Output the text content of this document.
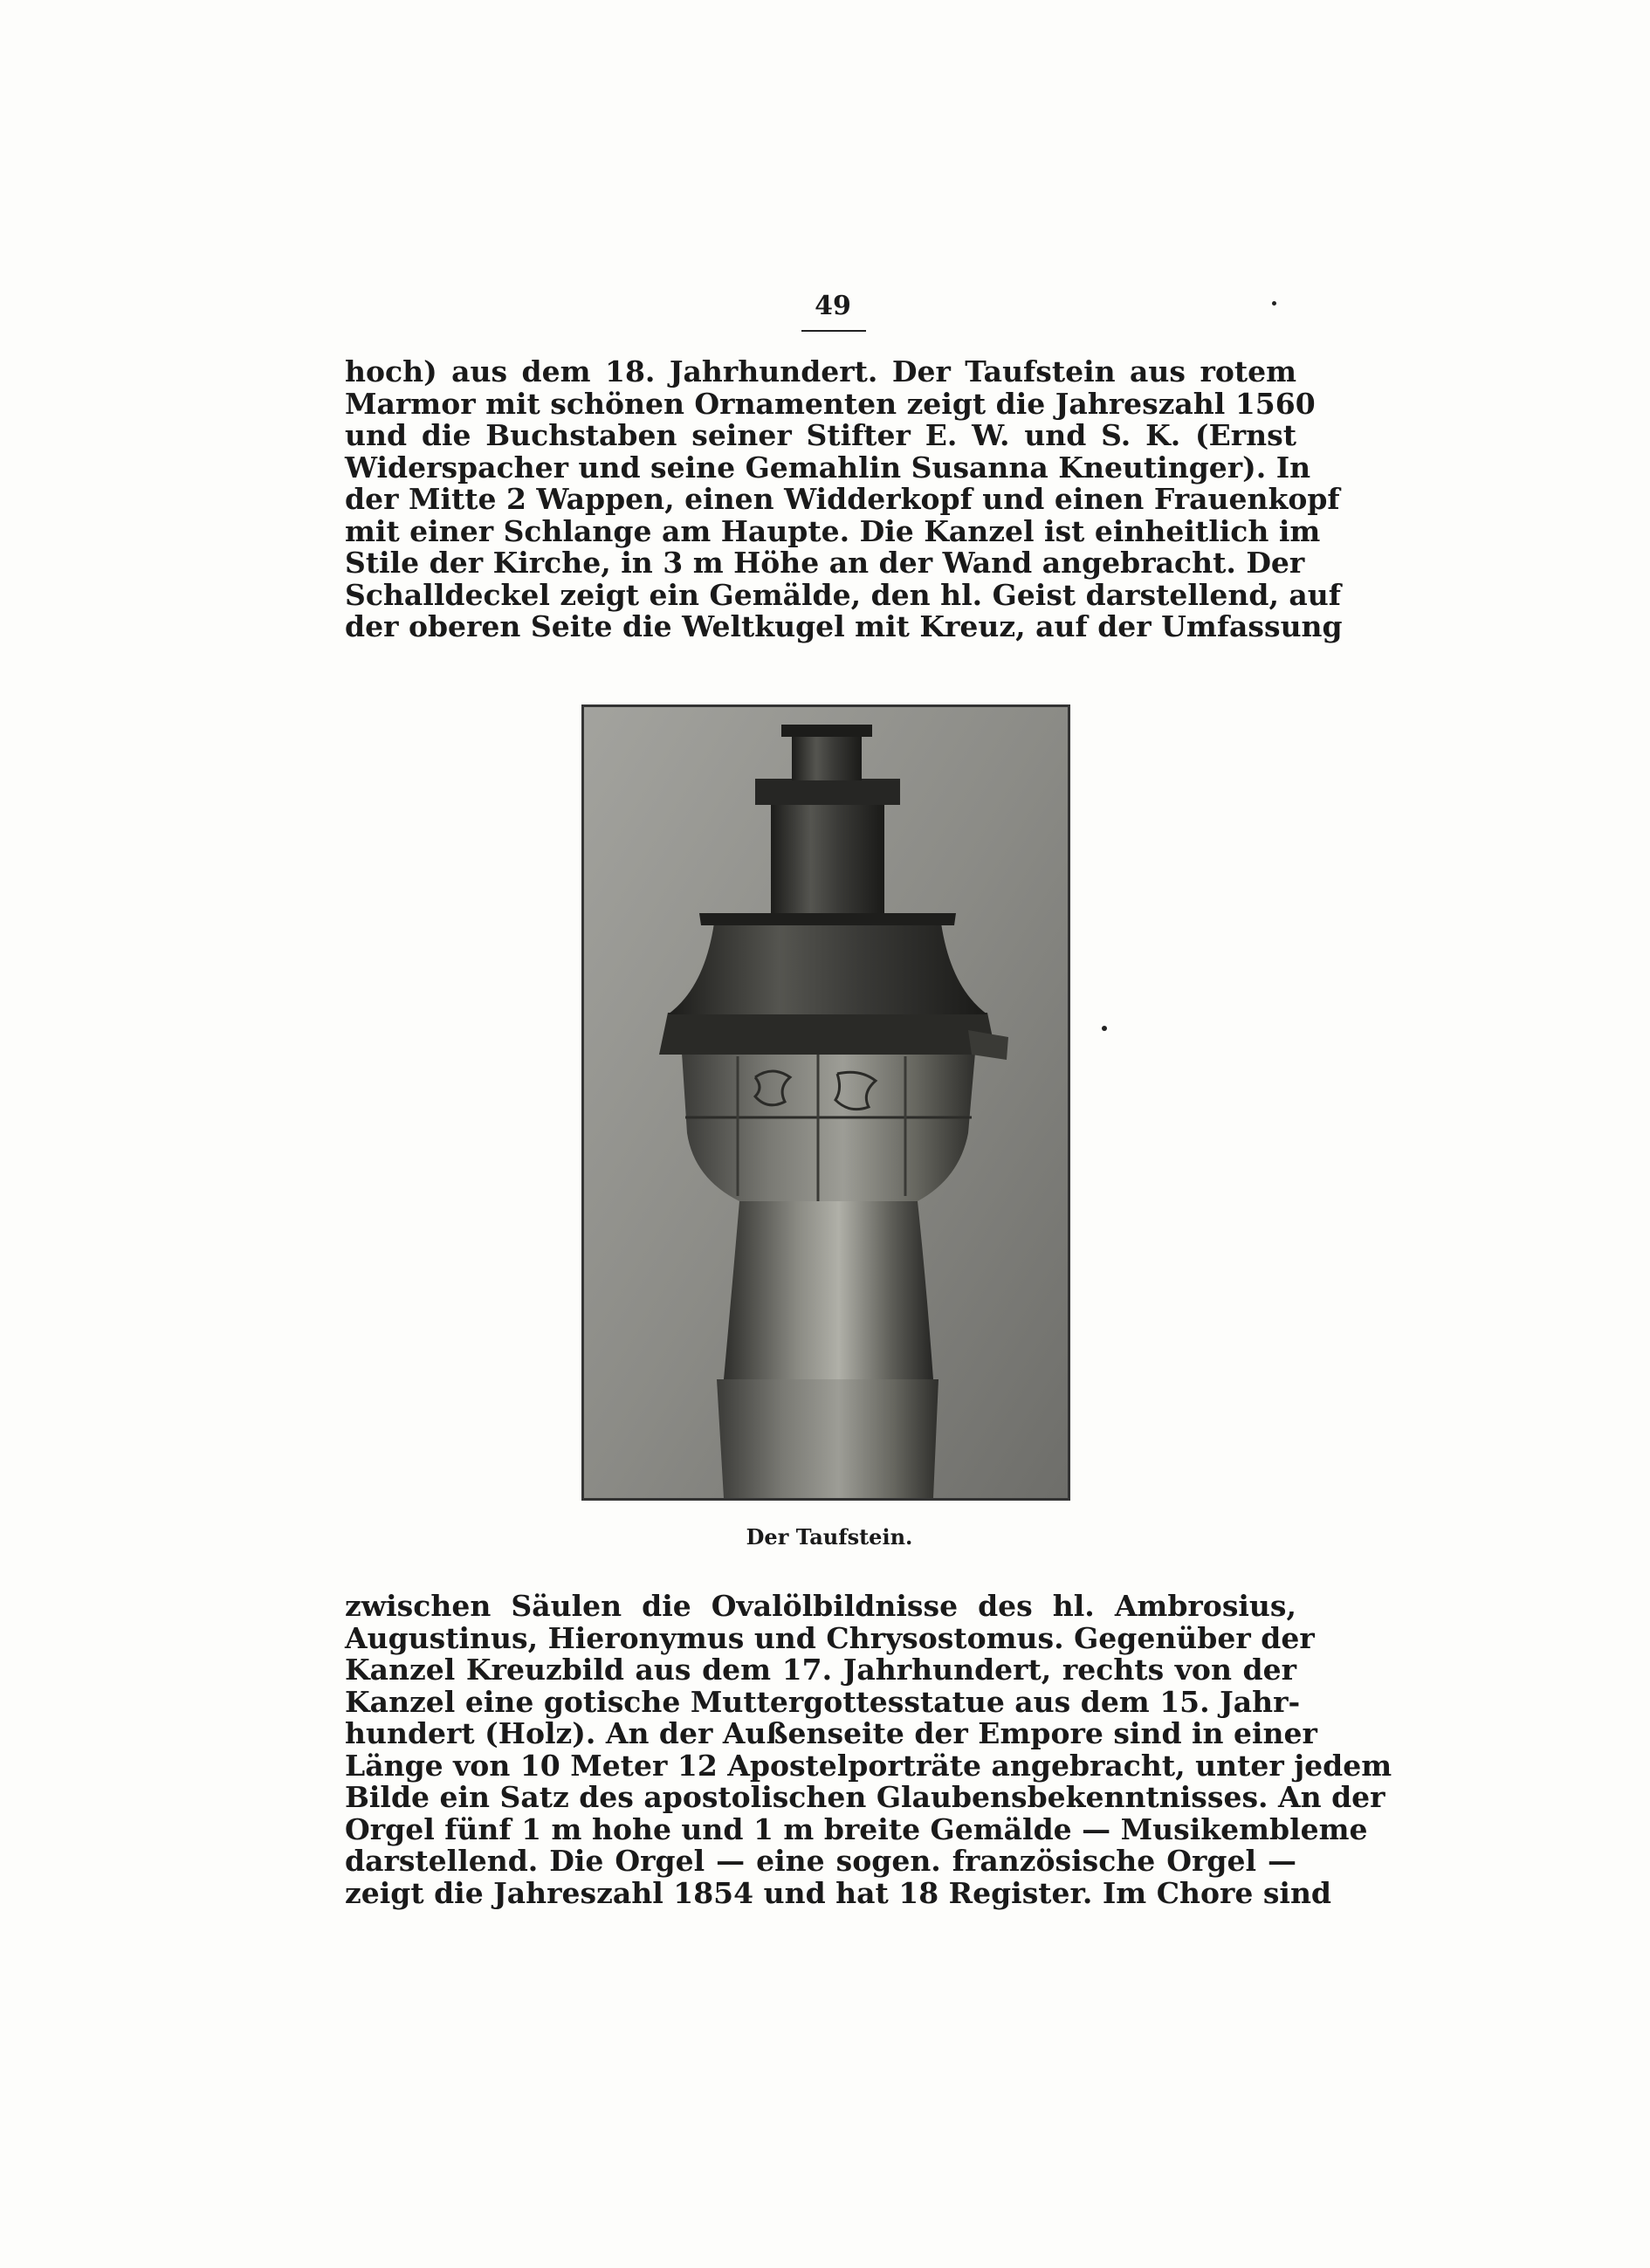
49
hoch) aus dem 18. Jahrhundert. Der Taufstein aus rotem
Marmor mit schönen Ornamenten zeigt die Jahreszahl 1560
und die Buchstaben seiner Stifter E. W. und S. K. (Ernst
Widerspacher und seine Gemahlin Susanna Kneutinger). In
der Mitte 2 Wappen, einen Widderkopf und einen Frauenkopf
mit einer Schlange am Haupte. Die Kanzel ist einheitlich im
Stile der Kirche, in 3 m Höhe an der Wand angebracht. Der
Schalldeckel zeigt ein Gemälde, den hl. Geist darstellend, auf
der oberen Seite die Weltkugel mit Kreuz, auf der Umfassung
Der Taufstein.
zwischen Säulen die Ovalölbildnisse des hl. Ambrosius,
Augustinus, Hieronymus und Chrysostomus. Gegenüber der
Kanzel Kreuzbild aus dem 17. Jahrhundert, rechts von der
Kanzel eine gotische Muttergottesstatue aus dem 15. Jahr-
hundert (Holz). An der Außenseite der Empore sind in einer
Länge von 10 Meter 12 Apostelporträte angebracht, unter jedem
Bilde ein Satz des apostolischen Glaubensbekenntnisses. An der
Orgel fünf 1 m hohe und 1 m breite Gemälde — Musikembleme
darstellend. Die Orgel — eine sogen. französische Orgel —
zeigt die Jahreszahl 1854 und hat 18 Register. Im Chore sind
